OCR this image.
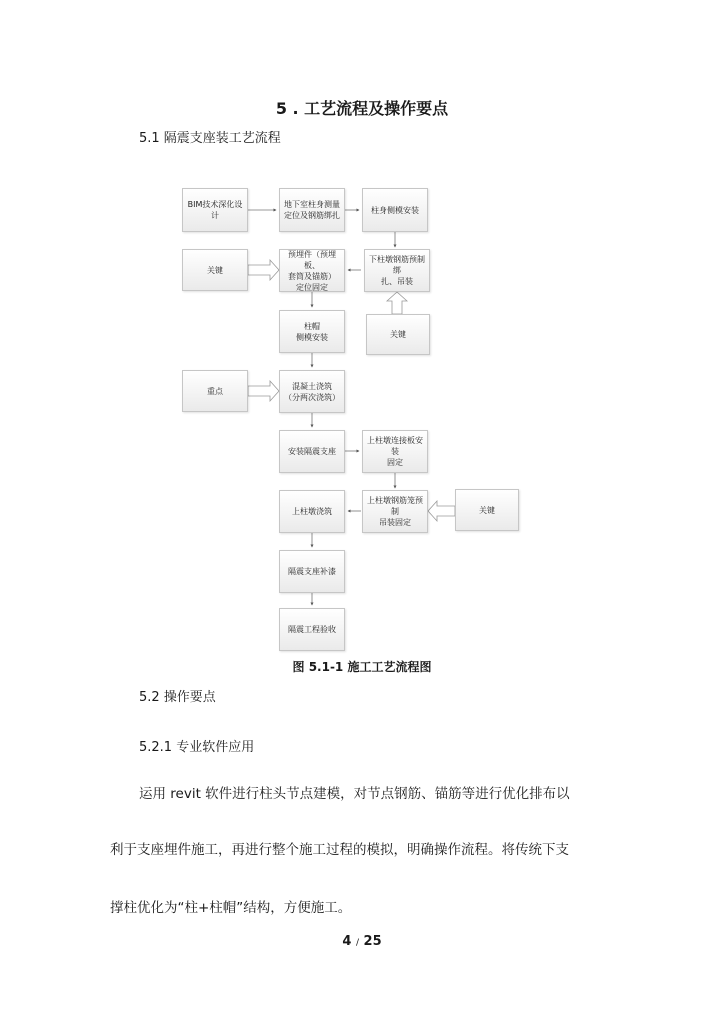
5 . 工艺流程及操作要点
5.1 隔震支座装工艺流程
BIM技术深化设计
地下室柱身测量
定位及钢筋绑扎
柱身侧模安装
关键
预埋件（预埋板、
套筒及锚筋）
定位固定
下柱墩钢筋预制绑
扎、吊装
柱帽
侧模安装	关键
重点
混凝土浇筑
（分两次浇筑）
安装隔震支座
上柱墩连接板安装
固定
上柱墩浇筑
上柱墩钢筋笼预制
吊装固定
关键
隔震支座补漆
隔震工程验收
图 5.1-1 施工工艺流程图
5.2 操作要点
5.2.1 专业软件应用
运用 revit 软件进行柱头节点建模，对节点钢筋、锚筋等进行优化排布以
利于支座埋件施工，再进行整个施工过程的模拟，明确操作流程。将传统下支
撑柱优化为“柱+柱帽”结构，方便施工。
4 / 25
